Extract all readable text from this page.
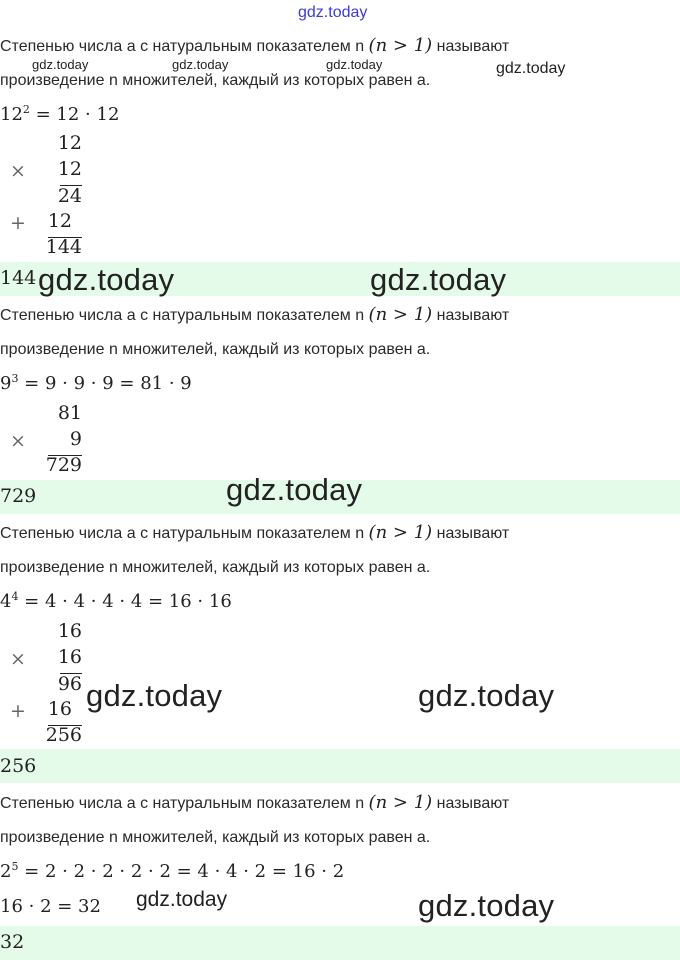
gdz.today
Степенью числа а с натуральным показателем n (n > 1) называют
gdz.today	gdz.today	gdz.today
произведение n множителей, каждый из которых равен а.
gdz.today
$12^2 = 12 \cdot 12$
12
×	12
24
+	12
144
144 gdz.today	gdz.today
Степенью числа а с натуральным показателем n (n > 1) называют
произведение n множителей, каждый из которых равен а.
$9^3 = 9 \cdot 9 \cdot 9 = 81 \cdot 9$
81
×	9
729
729	gdz.today
Степенью числа а с натуральным показателем n (n > 1) называют
произведение n множителей, каждый из которых равен а.
$4^4 = 4 \cdot 4 \cdot 4 \cdot 4 = 16 \cdot 16$
16
×	16
96
+	16
256
gdz.today	gdz.today
256
Степенью числа а с натуральным показателем n (n > 1) называют
произведение n множителей, каждый из которых равен а.
$2^5 = 2 \cdot 2 \cdot 2 \cdot 2 \cdot 2 = 4 \cdot 4 \cdot 2 = 16 \cdot 2$
16 · 2 = 32 gdz.today	gdz.today
32
